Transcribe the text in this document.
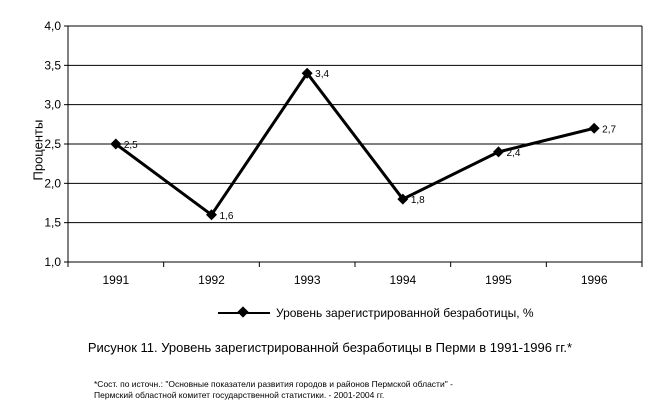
1,0
1,5
2,0
2,5
3,0
3,5
4,0
1991	1992	1993	1994	1995	1996
2,5
1,6
3,4
1,8
2,4
2,7
Проценты
Уровень зарегистрированной безработицы, %
Рисунок 11. Уровень зарегистрированной безработицы в Перми в 1991-1996 гг.*
*Сост. по источн.: "Основные показатели развития городов и районов Пермской области" -
Пермский областной комитет государственной статистики. - 2001-2004 гг.
